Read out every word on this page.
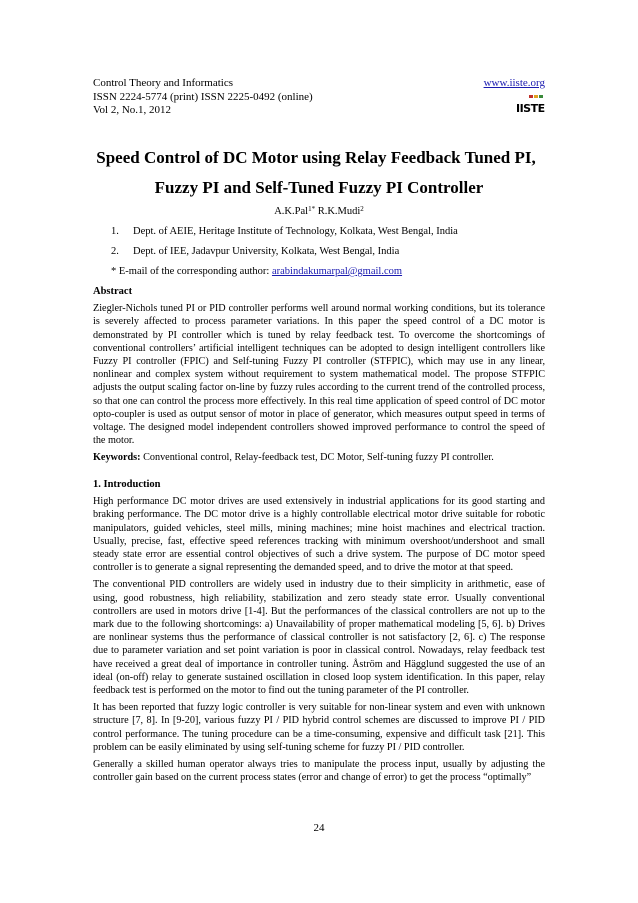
Control Theory and Informatics
ISSN 2224-5774 (print) ISSN 2225-0492 (online)
Vol 2, No.1, 2012
www.iiste.org
IISTE
Speed Control of DC Motor using Relay Feedback Tuned PI,
Fuzzy PI and Self-Tuned Fuzzy PI Controller
A.K.Pal$^{1*}$ R.K.Mudi$^2$
1. Dept. of AEIE, Heritage Institute of Technology, Kolkata, West Bengal, India
2. Dept. of IEE, Jadavpur University, Kolkata, West Bengal, India
* E-mail of the corresponding author: arabindakumarpal@gmail.com

Abstract

Ziegler-Nichols tuned PI or PID controller performs well around normal working conditions, but its tolerance is severely affected to process parameter variations. In this paper the speed control of a DC motor is demonstrated by PI controller which is tuned by relay feedback test. To overcome the shortcomings of conventional controllers’ artificial intelligent techniques can be adopted to design intelligent controllers like Fuzzy PI controller (FPIC) and Self-tuning Fuzzy PI controller (STFPIC), which may use in any linear, nonlinear and complex system without requirement to system mathematical model. The propose STFPIC adjusts the output scaling factor on-line by fuzzy rules according to the current trend of the controlled process, so that one can control the process more effectively. In this real time application of speed control of DC motor opto-coupler is used as output sensor of motor in place of generator, which measures output speed in terms of voltage. The designed model independent controllers showed improved performance to control the speed of the motor.

Keywords: Conventional control, Relay-feedback test, DC Motor, Self-tuning fuzzy PI controller.

1. Introduction

High performance DC motor drives are used extensively in industrial applications for its good starting and braking performance. The DC motor drive is a highly controllable electrical motor drive suitable for robotic manipulators, guided vehicles, steel mills, mining machines; mine hoist machines and electrical traction. Usually, precise, fast, effective speed references tracking with minimum overshoot/undershoot and small steady state error are essential control objectives of such a drive system. The purpose of DC motor speed controller is to generate a signal representing the demanded speed, and to drive the motor at that speed.

The conventional PID controllers are widely used in industry due to their simplicity in arithmetic, ease of using, good robustness, high reliability, stabilization and zero steady state error. Usually conventional controllers are used in motors drive [1-4]. But the performances of the classical controllers are not up to the mark due to the following shortcomings: a) Unavailability of proper mathematical modeling [5, 6]. b) Drives are nonlinear systems thus the performance of classical controller is not satisfactory [2, 6]. c) The response due to parameter variation and set point variation is poor in classical control. Nowadays, relay feedback test have received a great deal of importance in controller tuning. Åström and Hägglund suggested the use of an ideal (on-off) relay to generate sustained oscillation in closed loop system identification. In this paper, relay feedback test is performed on the motor to find out the tuning parameter of the PI controller.

It has been reported that fuzzy logic controller is very suitable for non-linear system and even with unknown structure [7, 8]. In [9-20], various fuzzy PI / PID hybrid control schemes are discussed to improve PI / PID control performance. The tuning procedure can be a time-consuming, expensive and difficult task [21]. This problem can be easily eliminated by using self-tuning scheme for fuzzy PI / PID controller.

Generally a skilled human operator always tries to manipulate the process input, usually by adjusting the controller gain based on the current process states (error and change of error) to get the process “optimally”

24
